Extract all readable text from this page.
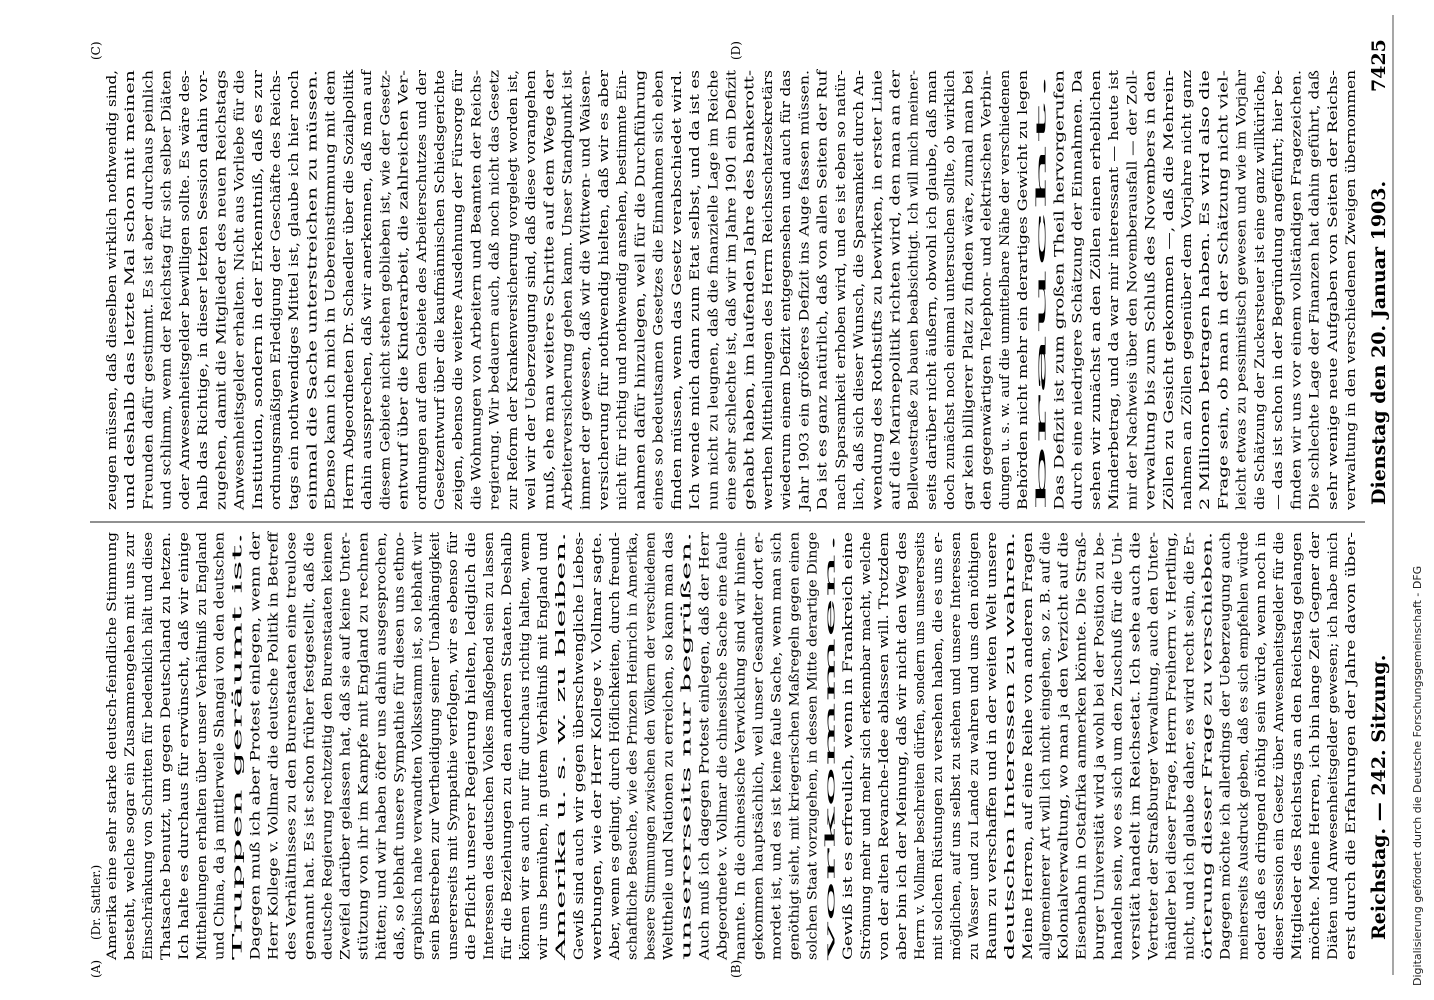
Reichstag. — 242. Sitzung.
Dienstag den 20. Januar 1903.
7425
(Dr. Sattler.)
(A)	(B)
(C)	(D)
Amerika eine sehr starke deutsch-feindliche Stimmung besteht, welche sogar ein Zusammengehen mit uns zur Einschränkung von Schritten für bedenklich hält und diese Thatsache benutzt, um gegen Deutschland zu hetzen. Ich halte es durchaus für erwünscht, daß wir einige Mittheilungen erhalten über unser Verhältniß zu England und China, da ja mittlerweile Shangai von den deutschen Truppen geräumt ist. Dagegen muß ich aber Protest einlegen, wenn der Herr Kollege v. Vollmar die deutsche Politik in Betreff des Verhältnisses zu den Burenstaaten eine treulose genannt hat. Es ist schon früher festgestellt, daß die deutsche Regierung rechtzeitig den Burenstaaten keinen Zweifel darüber gelassen hat, daß sie auf keine Unter- stützung von ihr im Kampfe mit England zu rechnen hätten; und wir haben öfter uns dahin ausgesprochen, daß, so lebhaft unsere Sympathie für diesen uns ethno- graphisch nahe verwandten Volksstamm ist, so lebhaft wir sein Bestreben zur Vertheidigung seiner Unabhängigkeit unsererseits mit Sympathie verfolgen, wir es ebenso für die Pflicht unserer Regierung hielten, lediglich die Interessen des deutschen Volkes maßgebend sein zu lassen für die Beziehungen zu den anderen Staaten. Deshalb können wir es auch nur für durchaus richtig halten, wenn wir uns bemühen, in gutem Verhältniß mit England und Amerika u. s. w. zu bleiben. Gewiß sind auch wir gegen überschwengliche Liebes- werbungen, wie der Herr Kollege v. Vollmar sagte. Aber, wenn es gelingt, durch Höflichkeiten, durch freund- schaftliche Besuche, wie des Prinzen Heinrich in Amerika, bessere Stimmungen zwischen den Völkern der verschiedenen Welttheile und Nationen zu erreichen, so kann man das unsererseits nur begrüßen. Auch muß ich dagegen Protest einlegen, daß der Herr Abgeordnete v. Vollmar die chinesische Sache eine faule nannte. In die chinesische Verwicklung sind wir hinein- gekommen hauptsächlich, weil unser Gesandter dort er- mordet ist, und es ist keine faule Sache, wenn man sich genöthigt sieht, mit kriegerischen Maßregeln gegen einen solchen Staat vorzugehen, in dessen Mitte derartige Dinge vorkommen. Gewiß ist es erfreulich, wenn in Frankreich eine Strömung mehr und mehr sich erkennbar macht, welche von der alten Revanche-Idee ablassen will. Trotzdem aber bin ich der Meinung, daß wir nicht den Weg des Herrn v. Vollmar beschreiten dürfen, sondern uns unsererseits mit solchen Rüstungen zu versehen haben, die es uns er- möglichen, auf uns selbst zu stehen und unsere Interessen zu Wasser und zu Lande zu wahren und uns den nöthigen Raum zu verschaffen und in der weiten Welt unsere deutschen Interessen zu wahren. Meine Herren, auf eine Reihe von anderen Fragen allgemeinerer Art will ich nicht eingehen, so z. B. auf die Kolonialverwaltung, wo man ja den Verzicht auf die Eisenbahn in Ostafrika anmerken könnte. Die Straß- burger Universität wird ja wohl bei der Position zu be- handeln sein, wo es sich um den Zuschuß für die Uni- versität handelt im Reichsetat. Ich sehe auch die Vertreter der Straßburger Verwaltung, auch den Unter- händler bei dieser Frage, Herrn Freiherrn v. Hertling, nicht, und ich glaube daher, es wird recht sein, die Er- örterung dieser Frage zu verschieben. Dagegen möchte ich allerdings der Ueberzeugung auch meinerseits Ausdruck geben, daß es sich empfehlen würde oder daß es dringend nöthig sein würde, wenn noch in dieser Session ein Gesetz über Anwesenheitsgelder für die Mitglieder des Reichstags an den Reichstag gelangen möchte. Meine Herren, ich bin lange Zeit Gegner der Diäten und Anwesenheitsgelder gewesen; ich habe mich erst durch die Erfahrungen der Jahre davon über-
zeugen müssen, daß dieselben wirklich nothwendig sind, und deshalb das letzte Mal schon mit meinen Freunden dafür gestimmt. Es ist aber durchaus peinlich und schlimm, wenn der Reichstag für sich selber Diäten oder Anwesenheitsgelder bewilligen sollte. Es wäre des- halb das Richtige, in dieser letzten Session dahin vor- zugehen, damit die Mitglieder des neuen Reichstags Anwesenheitsgelder erhalten. Nicht aus Vorliebe für die Institution, sondern in der Erkenntniß, daß es zur ordnungsmäßigen Erledigung der Geschäfte des Reichs- tags ein nothwendiges Mittel ist, glaube ich hier noch einmal die Sache unterstreichen zu müssen. Ebenso kann ich mich in Uebereinstimmung mit dem Herrn Abgeordneten Dr. Schaedler über die Sozialpolitik dahin aussprechen, daß wir anerkennen, daß man auf diesem Gebiete nicht stehen geblieben ist, wie der Gesetz- entwurf über die Kinderarbeit, die zahlreichen Ver- ordnungen auf dem Gebiete des Arbeiterschutzes und der Gesetzentwurf über die kaufmännischen Schiedsgerichte zeigen, ebenso die weitere Ausdehnung der Fürsorge für die Wohnungen von Arbeitern und Beamten der Reichs- regierung. Wir bedauern auch, daß noch nicht das Gesetz zur Reform der Krankenversicherung vorgelegt worden ist, weil wir der Ueberzeugung sind, daß diese vorangehen muß, ehe man weitere Schritte auf dem Wege der Arbeiterversicherung gehen kann. Unser Standpunkt ist immer der gewesen, daß wir die Wittwen- und Waisen- versicherung für nothwendig hielten, daß wir es aber nicht für richtig und nothwendig ansehen, bestimmte Ein- nahmen dafür hinzulegen, weil für die Durchführung eines so bedeutsamen Gesetzes die Einnahmen sich eben finden müssen, wenn das Gesetz verabschiedet wird. Ich wende mich dann zum Etat selbst, und da ist es nun nicht zu leugnen, daß die finanzielle Lage im Reiche eine sehr schlechte ist, daß wir im Jahre 1901 ein Defizit gehabt haben, im laufenden Jahre des bankerott- werthen Mittheilungen des Herrn Reichsschatzsekretärs wiederum einem Defizit entgegensehen und auch für das Jahr 1903 ein größeres Defizit ins Auge fassen müssen. Da ist es ganz natürlich, daß von allen Seiten der Ruf nach Sparsamkeit erhoben wird, und es ist eben so natür- lich, daß sich dieser Wunsch, die Sparsamkeit durch An- wendung des Rothstifts zu bewirken, in erster Linie auf die Marinepolitik richten wird, den man an der Bellevuestraße zu bauen beabsichtigt. Ich will mich meiner- seits darüber nicht äußern, obwohl ich glaube, daß man doch zunächst noch einmal untersuchen sollte, ob wirklich gar kein billigerer Platz zu finden wäre, zumal man bei den gegenwärtigen Telephon- und elektrischen Verbin- dungen u. s. w. auf die unmittelbare Nähe der verschiedenen Behörden nicht mehr ein derartiges Gewicht zu legen braucht. Das Defizit ist zum großen Theil hervorgerufen durch eine niedrigere Schätzung der Einnahmen. Da sehen wir zunächst an den Zöllen einen erheblichen Minderbetrag, und da war mir interessant — heute ist mir der Nachweis über den Novemberausfall — der Zoll- verwaltung bis zum Schluß des Novembers in den Zöllen zu Gesicht gekommen —, daß die Mehrein- nahmen an Zöllen gegenüber dem Vorjahre nicht ganz 2 Millionen betragen haben. Es wird also die Frage sein, ob man in der Schätzung nicht viel- leicht etwas zu pessimistisch gewesen und wie im Vorjahr die Schätzung der Zuckersteuer ist eine ganz willkürliche, — das ist schon in der Begründung angeführt; hier be- finden wir uns vor einem vollständigen Fragezeichen. Die schlechte Lage der Finanzen hat dahin geführt, daß sehr wenige neue Aufgaben von Seiten der Reichs- verwaltung in den verschiedenen Zweigen übernommen
Digitalisierung gefördert durch die Deutsche Forschungsgemeinschaft - DFG
